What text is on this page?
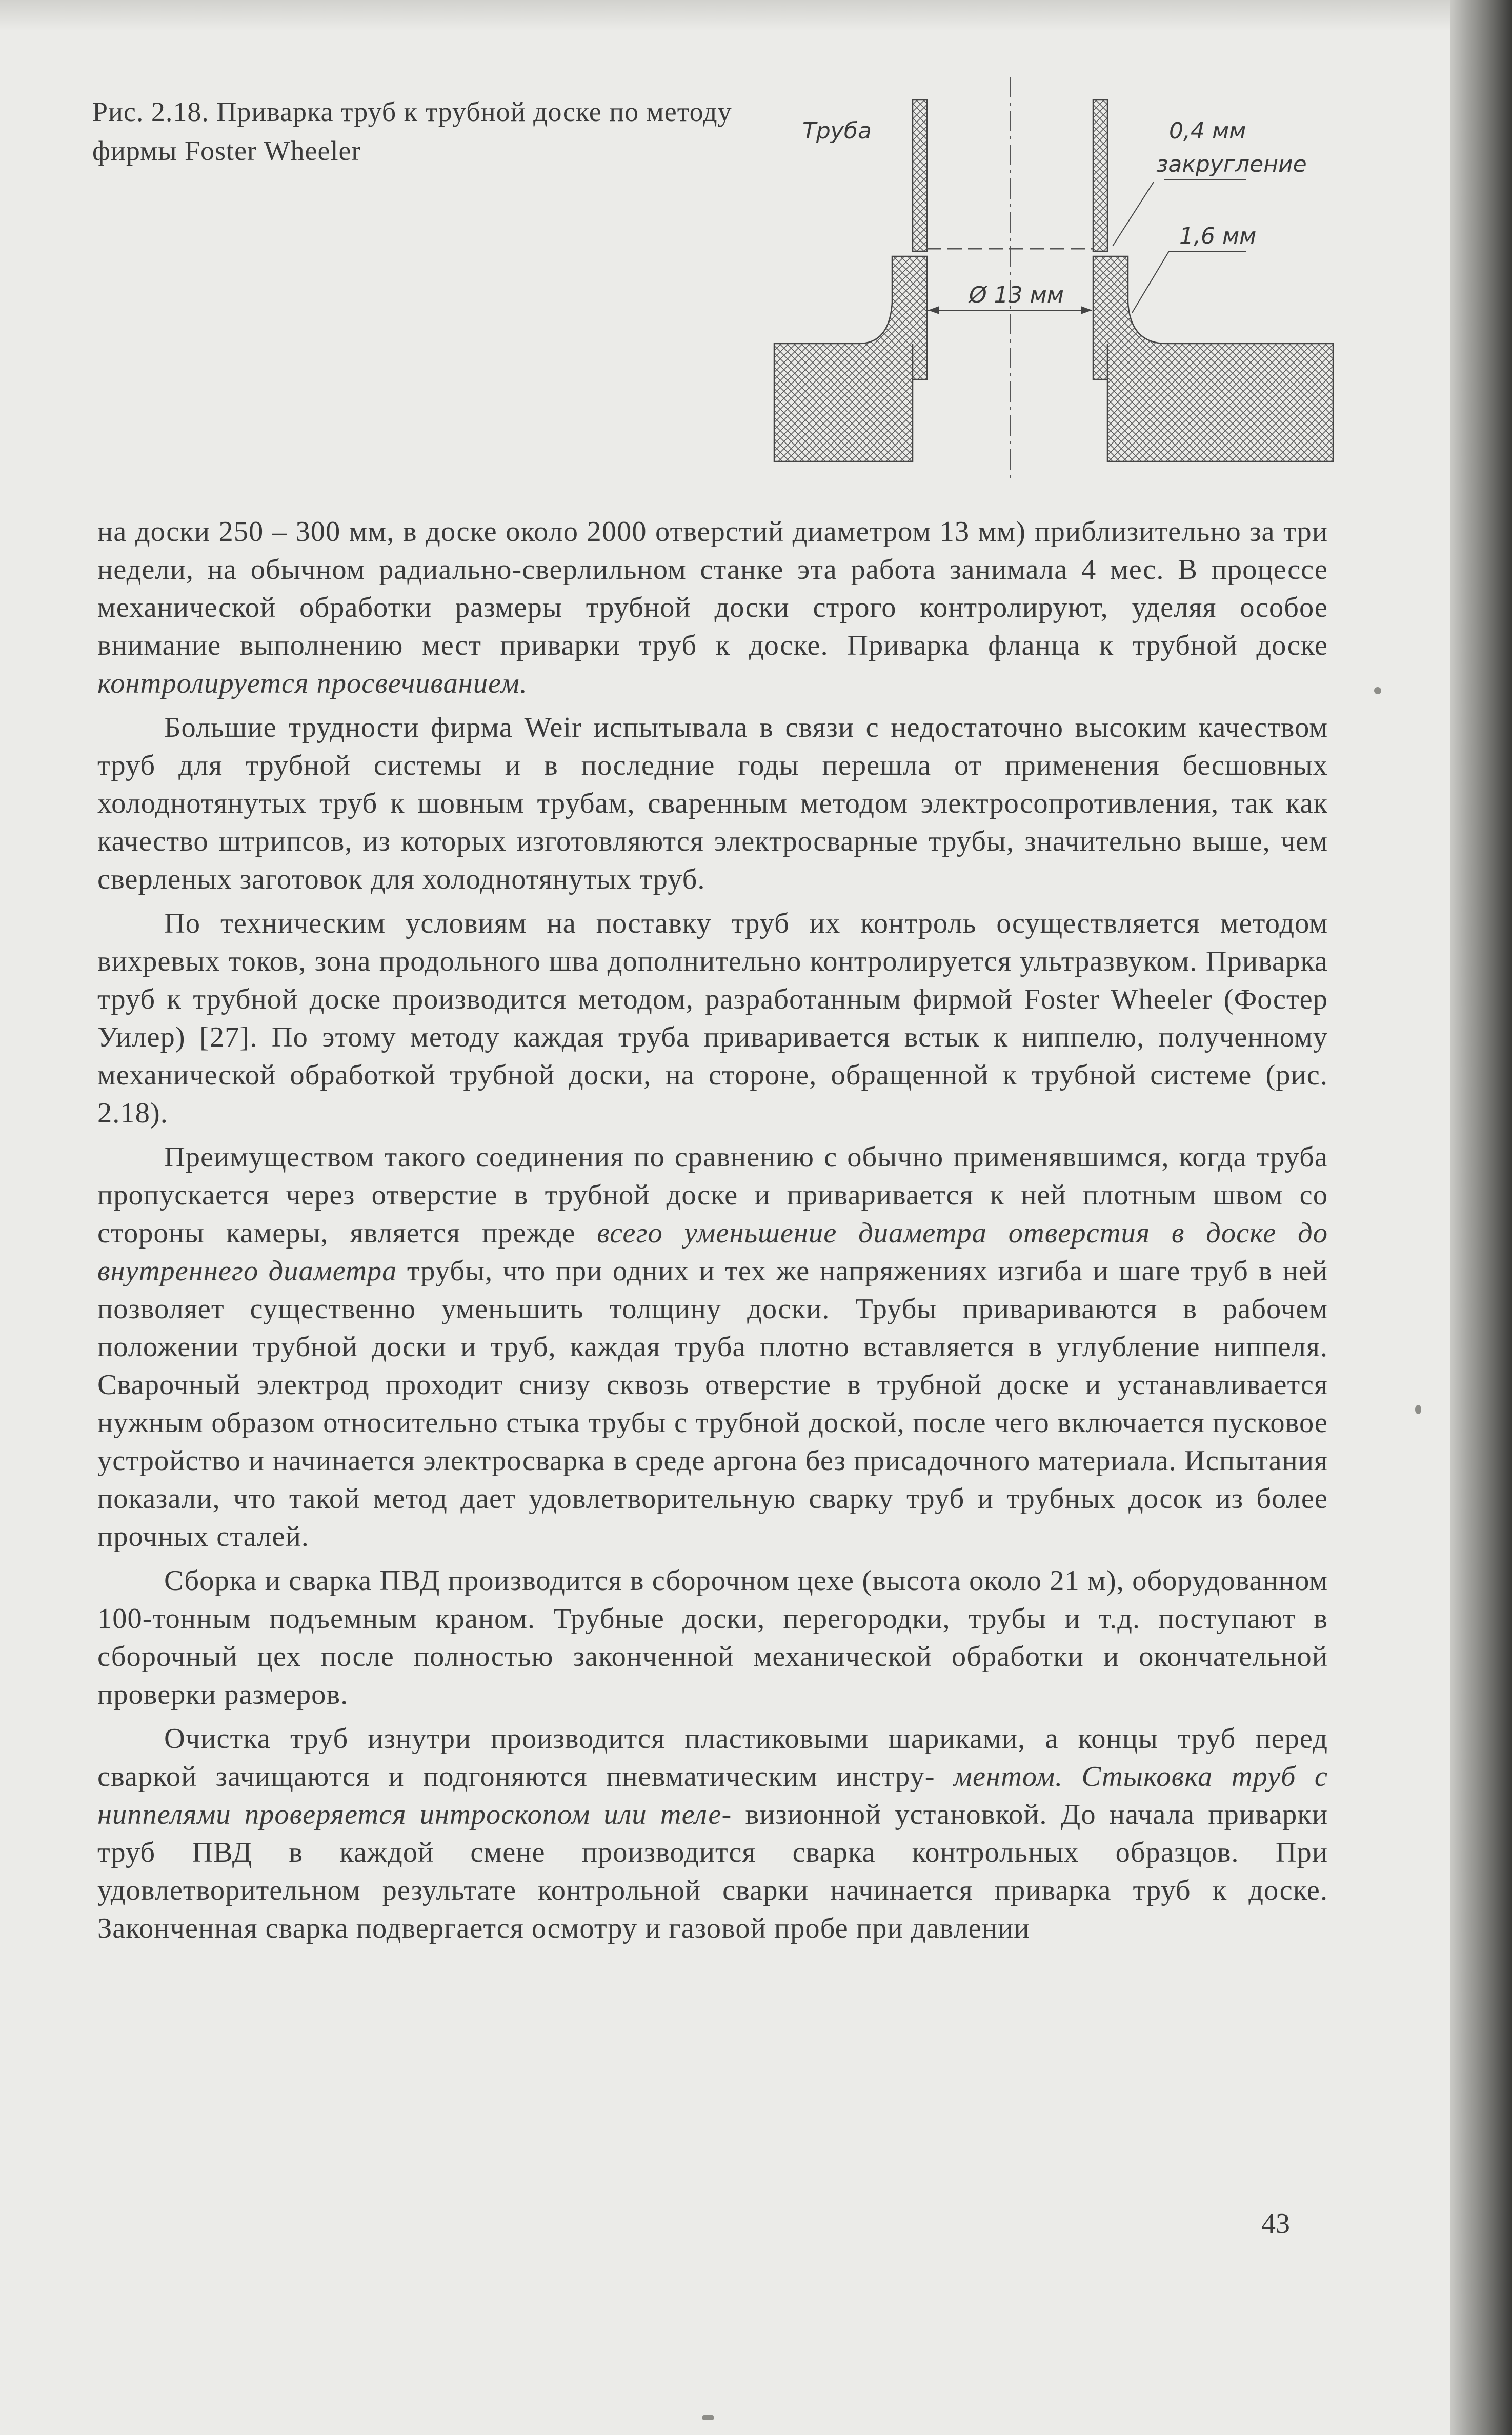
Рис. 2.18. Приварка труб к трубной доске по методу фирмы Foster Wheeler
Труба	0,4 мм
закругление
1,6 мм
Ø 13 мм

на доски 250 – 300 мм, в доске около 2000 отверстий диаметром 13 мм) приблизительно за три недели, на обычном радиально-сверлильном станке эта работа занимала 4 мес. В процессе механической обработки размеры трубной доски строго контролируют, уделяя особое внимание выполнению мест приварки труб к доске. Приварка фланца к трубной доске контролируется просвечиванием.

Большие трудности фирма Weir испытывала в связи с недостаточно высоким качеством труб для трубной системы и в последние годы перешла от применения бесшовных холоднотянутых труб к шовным трубам, сваренным методом электросопротивления, так как качество штрипсов, из которых изготовляются электросварные трубы, значительно выше, чем сверленых заготовок для холоднотянутых труб.

По техническим условиям на поставку труб их контроль осуществляется методом вихревых токов, зона продольного шва дополнительно контролируется ультразвуком. Приварка труб к трубной доске производится методом, разработанным фирмой Foster Wheeler (Фостер Уилер) [27]. По этому методу каждая труба приваривается встык к ниппелю, полученному механической обработкой трубной доски, на стороне, обращенной к трубной системе (рис. 2.18).

Преимуществом такого соединения по сравнению с обычно применявшимся, когда труба пропускается через отверстие в трубной доске и приваривается к ней плотным швом со стороны камеры, является прежде всего уменьшение диаметра отверстия в доске до внутреннего диаметра трубы, что при одних и тех же напряжениях изгиба и шаге труб в ней позволяет существенно уменьшить толщину доски. Трубы привариваются в рабочем положении трубной доски и труб, каждая труба плотно вставляется в углубление ниппеля. Сварочный электрод проходит снизу сквозь отверстие в трубной доске и устанавливается нужным образом относительно стыка трубы с трубной доской, после чего включается пусковое устройство и начинается электросварка в среде аргона без присадочного материала. Испытания показали, что такой метод дает удовлетворительную сварку труб и трубных досок из более прочных сталей.

Сборка и сварка ПВД производится в сборочном цехе (высота около 21 м), оборудованном 100-тонным подъемным краном. Трубные доски, перегородки, трубы и т.д. поступают в сборочный цех после полностью законченной механической обработки и окончательной проверки размеров.

Очистка труб изнутри производится пластиковыми шариками, а концы труб перед сваркой зачищаются и подгоняются пневматическим инстру- ментом. Стыковка труб с ниппелями проверяется интроскопом или теле- визионной установкой. До начала приварки труб ПВД в каждой смене производится сварка контрольных образцов. При удовлетворительном результате контрольной сварки начинается приварка труб к доске. Законченная сварка подвергается осмотру и газовой пробе при давлении

43
